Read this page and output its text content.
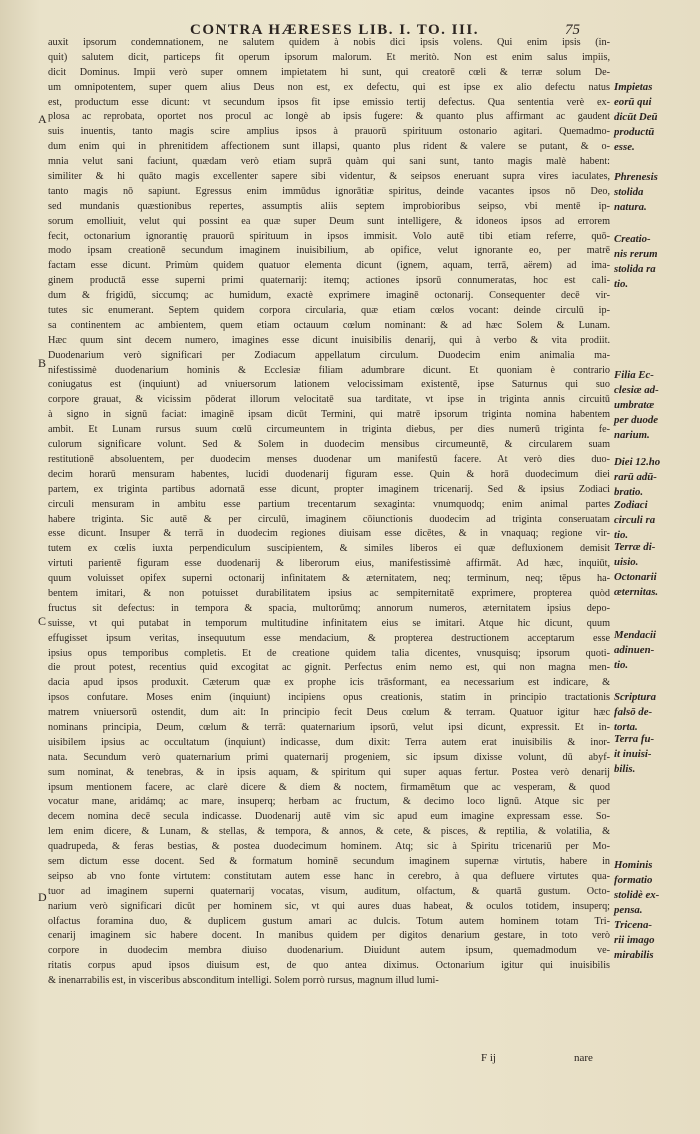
CONTRA HÆRESES LIB. I. TO. III.	75
auxit ipsorum condemnationem, ne salutem quidem à nobis dici ipsis volens. Qui enim ipsis (in-
quit) salutem dicit, particeps fit operum ipsorum malorum. Et meritò. Non est enim salus impiis,
dicit Dominus. Impii verò super omnem impietatem hi sunt, qui creatorē cœli & terræ solum De-
um omnipotentem, super quem alius Deus non est, ex defectu, qui est ipse ex alio defectu natus
est, productum esse dicunt: vt secundum ipsos fit ipse emissio tertij defectus. Qua sententia verè ex-
plosa ac reprobata, oportet nos procul ac longè ab ipsis fugere: & quanto plus affirmant ac gaudent
suis inuentis, tanto magis scire amplius ipsos à prauorū spirituum ostonario agitari. Quemadmo-
dum enim qui in phrenitidem affectionem sunt illapsi, quanto plus rident & valere se putant, & o-
mnia velut sani faciunt, quædam verò etiam suprā quàm qui sani sunt, tanto magis malè habent:
similiter & hi quāto magis excellenter sapere sibi videntur, & seipsos eneruant supra vires iaculates,
tanto magis nō sapiunt. Egressus enim immūdus ignorātiæ spiritus, deinde vacantes ipsos nō Deo,
sed mundanis quæstionibus repertes, assumptis aliis septem improbioribus seipso, vbi mentē ip-
sorum emolliuit, velut qui possint ea quæ super Deum sunt intelligere, & idoneos ipsos ad errorem
fecit, octonarium ignorantię prauorū spirituum in ipsos immisit. Volo autē tibi etiam referre, quō-
modo ipsam creationē secundum imaginem inuisibilium, ab opifice, velut ignorante eo, per matrē
factam esse dicunt. Primùm quidem quatuor elementa dicunt (ignem, aquam, terrā, aërem) ad ima-
ginem productā esse superni primi quaternarij: itemq; actiones ipsorū connumeratas, hoc est cali-
dum & frigidū, siccumq; ac humidum, exactè exprimere imaginē octonarij. Consequenter decē vir-
tutes sic enumerant. Septem quidem corpora circularia, quæ etiam cœlos vocant: deinde circulū ip-
sa continentem ac ambientem, quem etiam octauum cœlum nominant: & ad hæc Solem & Lunam.
Hæc quum sint decem numero, imagines esse dicunt inuisibilis denarij, qui à verbo & vita prodiit.
Duodenarium verò significari per Zodiacum appellatum circulum. Duodecim enim animalia ma-
nifestissimè duodenarium hominis & Ecclesiæ filiam adumbrare dicunt. Et quoniam è contrario
coniugatus est (inquiunt) ad vniuersorum lationem velocissimam existentē, ipse Saturnus qui suo
corpore grauat, & vicissim pōderat illorum velocitatē sua tarditate, vt ipse in triginta annis circuitū
à signo in signū faciat: imaginē ipsam dicūt Termini, qui matrē ipsorum triginta nomina habentem
ambit. Et Lunam rursus suum cœlū circumeuntem in triginta diebus, per dies numerū triginta fe-
culorum significare volunt. Sed & Solem in duodecim mensibus circumeuntē, & circularem suam
restitutionē absoluentem, per duodecim menses duodenar um manifestū facere. At verò dies duo-
decim horarū mensuram habentes, lucidi duodenarij figuram esse. Quin & horā duodecimum diei
partem, ex triginta partibus adornatā esse dicunt, propter imaginem tricenarij. Sed & ipsius Zodiaci
circuli mensuram in ambitu esse partium trecentarum sexaginta: vnumquodq; enim animal partes
habere triginta. Sic autē & per circulū, imaginem cōiunctionis duodecim ad triginta conseruatam
esse dicunt. Insuper & terrā in duodecim regiones diuisam esse dicētes, & in vnaquaq; regione vir-
tutem ex cœlis iuxta perpendiculum suscipientem, & similes liberos ei quæ defluxionem demisit
virtuti parientē figuram esse duodenarij & liberorum eius, manifestissimè affirmāt. Ad hæc, inquiūt,
quum voluisset opifex superni octonarij infinitatem & æternitatem, neq; terminum, neq; tēpus ha-
bentem imitari, & non potuisset durabilitatem ipsius ac sempiternitatē exprimere, propterea quòd
fructus sit defectus: in tempora & spacia, multorūmq; annorum numeros, æternitatem ipsius depo-
suisse, vt qui putabat in temporum multitudine infinitatem eius se imitari. Atque hic dicunt, quum
effugisset ipsum veritas, insequutum esse mendacium, & propterea destructionem acceptarum esse
ipsius opus temporibus completis. Et de creatione quidem talia dicentes, vnusquisq; ipsorum quoti-
die prout potest, recentius quid excogitat ac gignit. Perfectus enim nemo est, qui non magna men-
dacia apud ipsos produxit. Cæterum quæ ex prophe icis trāsformant, ea necessarium est indicare, &
ipsos confutare. Moses enim (inquiunt) incipiens opus creationis, statim in principio tractationis
matrem vniuersorū ostendit, dum ait: In principio fecit Deus cœlum & terram. Quatuor igitur hæc
nominans principia, Deum, cœlum & terrā: quaternarium ipsorū, velut ipsi dicunt, expressit. Et in-
uisibilem ipsius ac occultatum (inquiunt) indicasse, dum dixit: Terra autem erat inuisibilis & inor-
nata. Secundum verò quaternarium primi quaternarij progeniem, sic ipsum dixisse volunt, dū abyf-
sum nominat, & tenebras, & in ipsis aquam, & spiritum qui super aquas fertur. Postea verò denarij
ipsum mentionem facere, ac clarè dicere & diem & noctem, firmamētum que ac vesperam, & quod
vocatur mane, aridámq; ac mare, insuperq; herbam ac fructum, & decimo loco lignū. Atque sic per
decem nomina decē secula indicasse. Duodenarij autē vim sic apud eum imagine expressam esse. So-
lem enim dicere, & Lunam, & stellas, & tempora, & annos, & cete, & pisces, & reptilia, & volatilia, &
quadrupeda, & feras bestias, & postea duodecimum hominem. Atq; sic à Spiritu tricenariū per Mo-
sem dictum esse docent. Sed & formatum hominē secundum imaginem supernæ virtutis, habere in
seipso ab vno fonte virtutem: constitutam autem esse hanc in cerebro, à qua defluere virtutes qua-
tuor ad imaginem superni quaternarij vocatas, visum, auditum, olfactum, & quartā gustum. Octo-
narium verò significari dicūt per hominem sic, vt qui aures duas habeat, & oculos totidem, insuperq;
olfactus foramina duo, & duplicem gustum amari ac dulcis. Totum autem hominem totam Tri-
cenarij imaginem sic habere docent. In manibus quidem per digitos denarium gestare, in toto verò
corpore in duodecim membra diuiso duodenarium. Diuidunt autem ipsum, quemadmodum ve-
ritatis corpus apud ipsos diuisum est, de quo antea diximus. Octonarium igitur qui inuisibilis
& inenarrabilis est, in visceribus absconditum intelligi. Solem porrò rursus, magnum illud lumi-
A
B
C
D
Impietas
eorū qui
dicūt Deū
productū
esse.
Phrenesis
stolida
natura.
Creatio-
nis rerum
stolida ra
tio.
Filia Ec-
clesiæ ad-
umbratæ
per duode
narium.
Diei 12.ho
rarū adū-
bratio.
Zodiaci
circuli ra
tio.
Terræ di-
uisio.
Octonarii
æternitas.
Mendacii
adinuen-
tio.
Scriptura
falsō de-
torta.
Terra fu-
it inuisi-
bilis.
Hominis
formatio
stolidè ex-
pensa.
Tricena-
rii imago
mirabilis
F ij	nare
